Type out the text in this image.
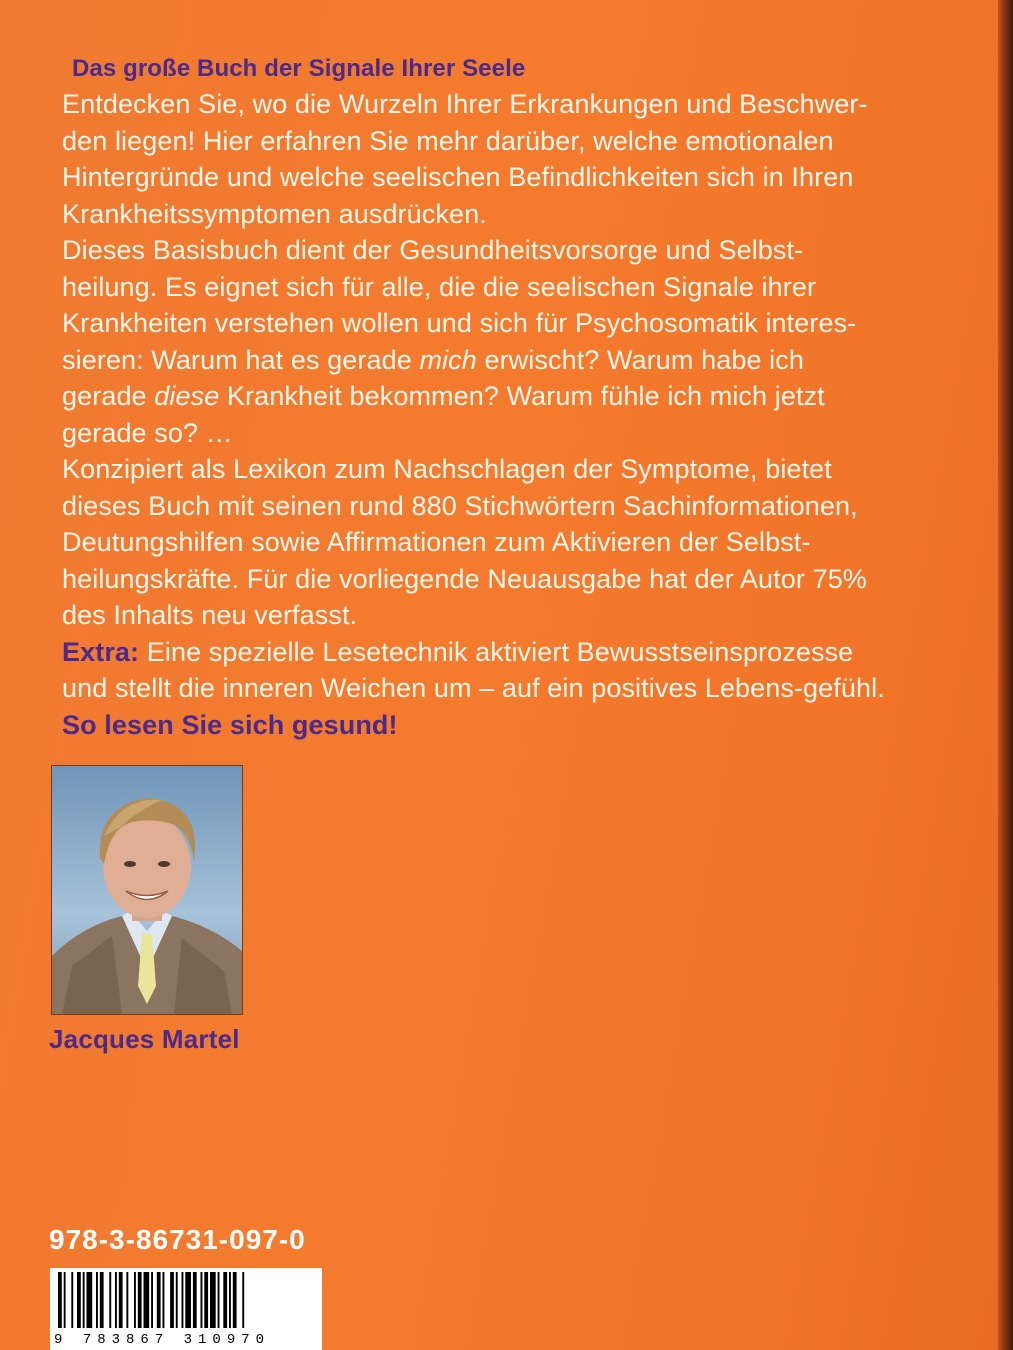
Das große Buch der Signale Ihrer Seele

Entdecken Sie, wo die Wurzeln Ihrer Erkrankungen und Beschwer-den liegen! Hier erfahren Sie mehr darüber, welche emotionalen Hintergründe und welche seelischen Befindlichkeiten sich in Ihren Krankheitssymptomen ausdrücken.

Dieses Basisbuch dient der Gesundheitsvorsorge und Selbst-heilung. Es eignet sich für alle, die die seelischen Signale ihrer Krankheiten verstehen wollen und sich für Psychosomatik interes-sieren: Warum hat es gerade mich erwischt? Warum habe ich gerade diese Krankheit bekommen? Warum fühle ich mich jetzt gerade so? …

Konzipiert als Lexikon zum Nachschlagen der Symptome, bietet dieses Buch mit seinen rund 880 Stichwörtern Sachinformationen, Deutungshilfen sowie Affirmationen zum Aktivieren der Selbst-heilungskräfte. Für die vorliegende Neuausgabe hat der Autor 75% des Inhalts neu verfasst.

Extra: Eine spezielle Lesetechnik aktiviert Bewusstseinsprozesse und stellt die inneren Weichen um – auf ein positives Lebens-gefühl. So lesen Sie sich gesund!

Jacques Martel
978-3-86731-097-0
9 783867 310970
